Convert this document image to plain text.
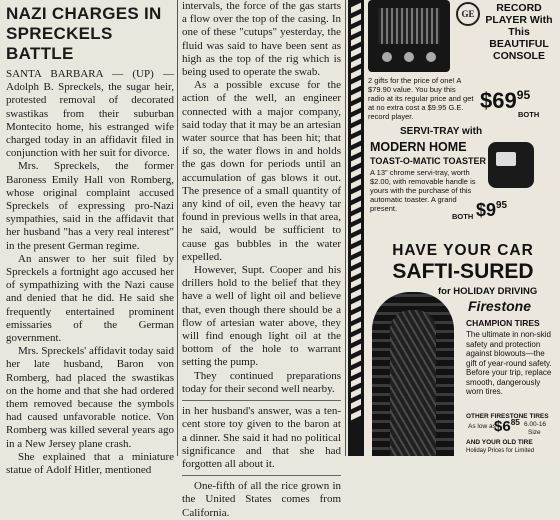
NAZI CHARGES IN
SPRECKELS
BATTLE

SANTA BARBARA — (UP) — Adolph B. Spreckels, the sugar heir, protested removal of decorated swastikas from their suburban Montecito home, his estranged wife charged today in an affidavit filed in conjunction with her suit for divorce.

Mrs. Spreckels, the former Baroness Emily Hall von Romberg, whose original complaint accused Spreckels of expressing pro-Nazi sympathies, said in the affidavit that her husband "has a very real interest" in the present German regime.

An answer to her suit filed by Spreckels a fortnight ago accused her of sympathizing with the Nazi cause and denied that he did. He said she frequently entertained prominent emissaries of the German government.

Mrs. Spreckels' affidavit today said her late husband, Baron von Romberg, had placed the swastikas on the home and that she had ordered them removed because the symbols had caused unfavorable notice. Von Romberg was killed several years ago in a New Jersey plane crash.

She explained that a miniature statue of Adolf Hitler, mentioned

intervals, the force of the gas starts a flow over the top of the casing. In one of these "cutups" yesterday, the fluid was said to have been sent as high as the top of the rig which is being used to operate the swab.

As a possible excuse for the action of the well, an engineer connected with a major company, said today that it may be an artesian water source that has been hit; that if so, the water flows in and holds the gas down for periods until an accumulation of gas blows it out. The presence of a small quantity of any kind of oil, even the heavy tar found in previous wells in that area, he said, would be sufficient to cause gas bubbles in the water expelled.

However, Supt. Cooper and his drillers hold to the belief that they have a well of light oil and believe that, even though there should be a flow of artesian water above, they will find enough light oil at the bottom of the hole to warrant setting the pump.

They continued preparations today for their second well nearby.

in her husband's answer, was a ten-cent store toy given to the baron at a dinner. She said it had no political significance and that she had forgotten all about it.

One-fifth of all the rice grown in the United States comes from California.

GE	RECORD PLAYER With This BEAUTIFUL CONSOLE
2 gifts for the price of one! A $79.90 value. You buy this radio at its regular price and get at no extra cost a $9.95 G.E. record player.
$\$69^{95}$
BOTH
SERVI-TRAY with
MODERN HOME
TOAST-O-MATIC TOASTER
A 13" chrome servi-tray, worth $2.00, with removable handle is yours with the purchase of this automatic toaster. A grand present.	$\$9^{95}$
BOTH
HAVE YOUR CAR
SAFTI-SURED
for HOLIDAY DRIVING
Firestone
CHAMPION TIRES
The ultimate in non-skid safety and protection against blowouts—the gift of year-round safety. Before your trip, replace smooth, dangerously worn tires.
OTHER FIRESTONE TIRES
As low as
$\$6^{85}$ 6.00-16
Size
AND YOUR OLD TIRE
Holiday Prices for Limited
